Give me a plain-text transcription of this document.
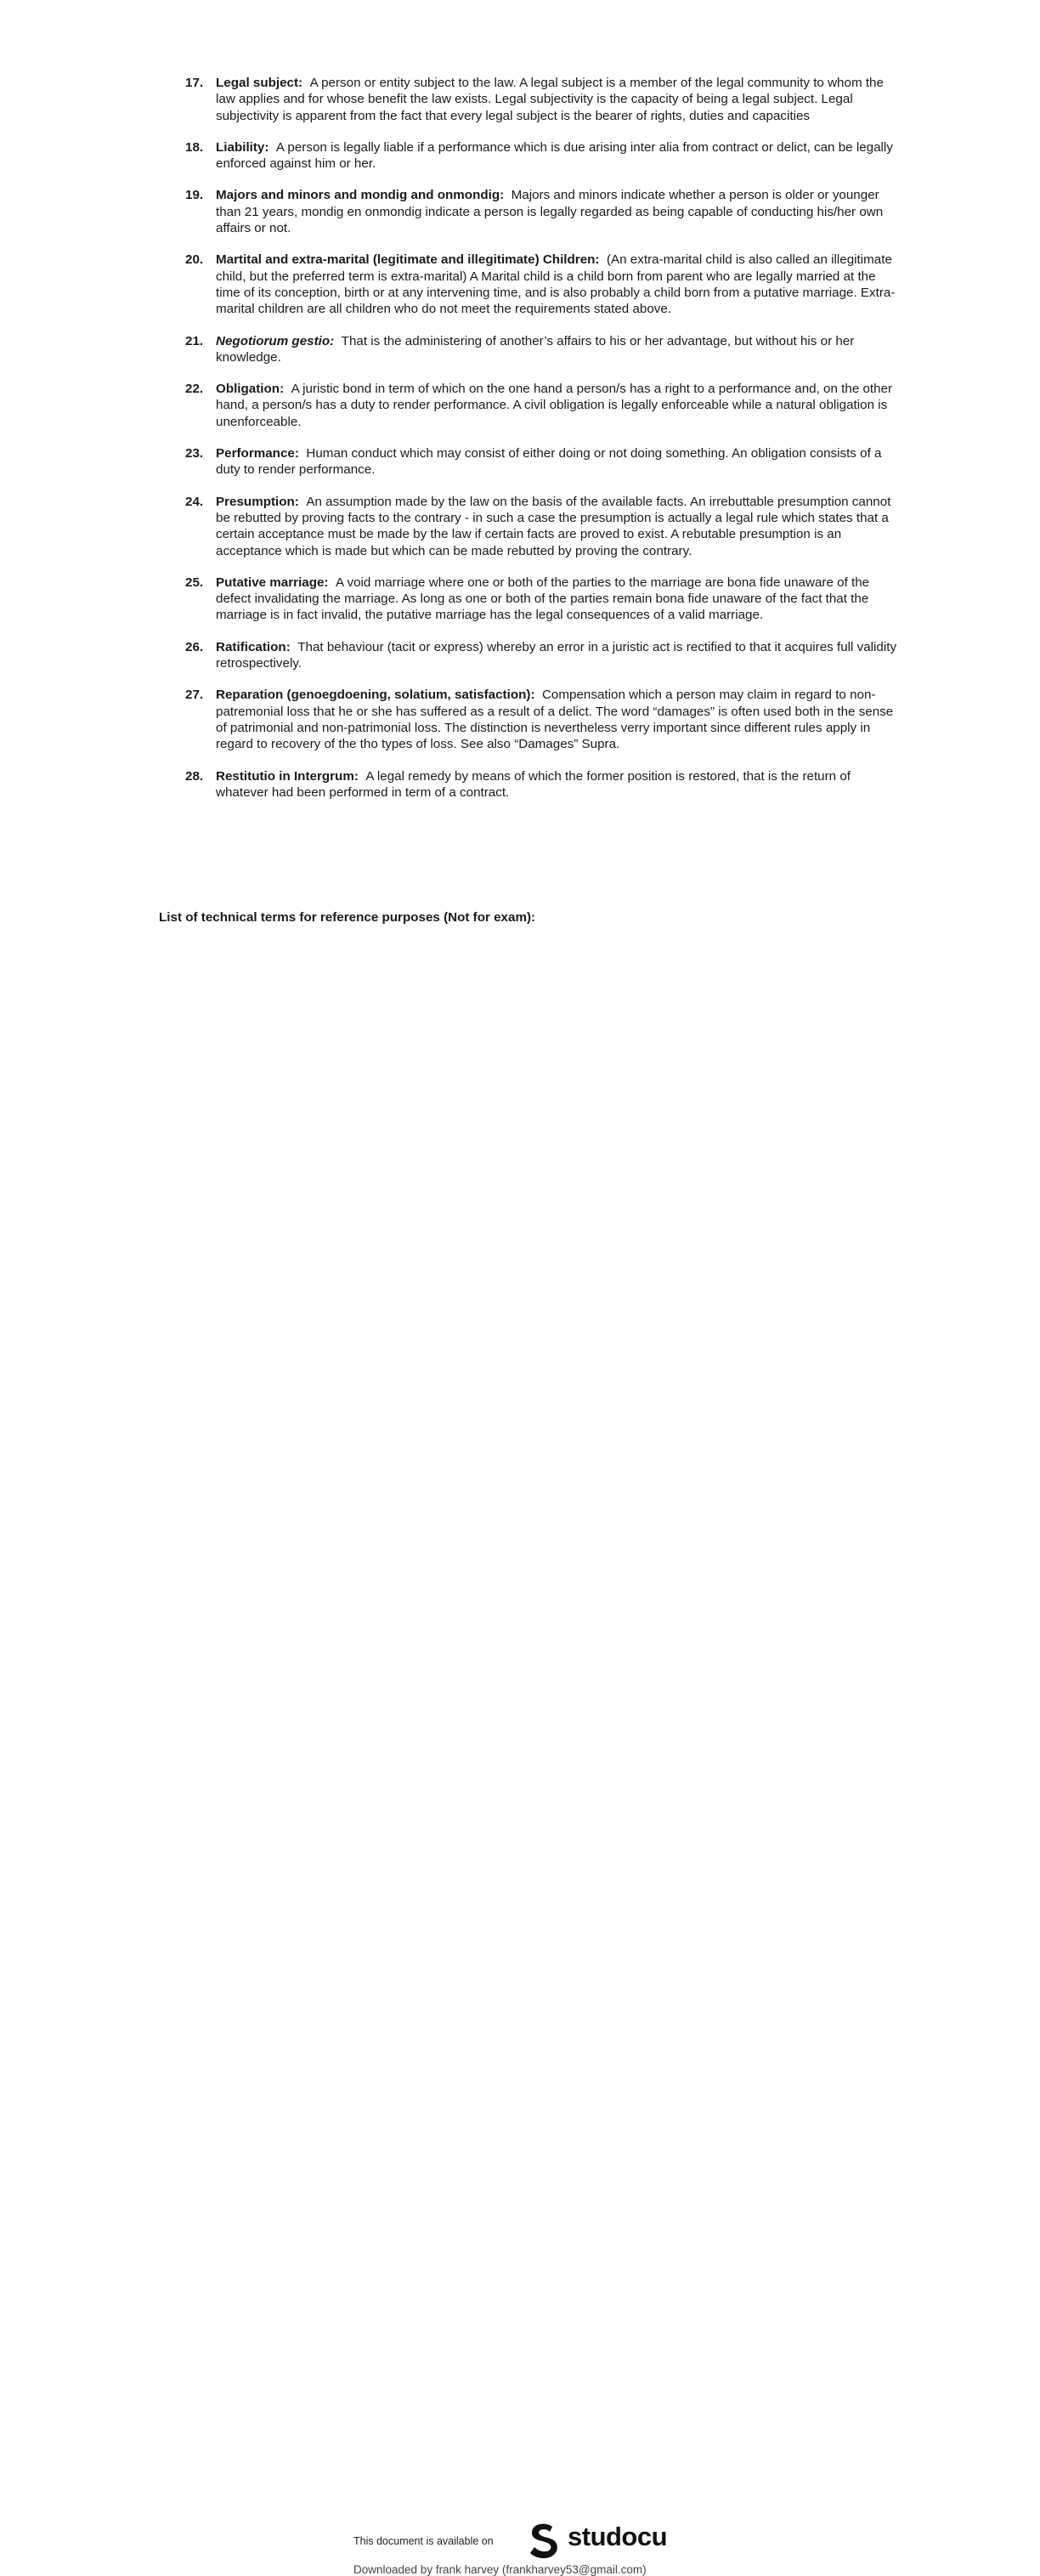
17. Legal subject: A person or entity subject to the law. A legal subject is a member of the legal community to whom the law applies and for whose benefit the law exists. Legal subjectivity is the capacity of being a legal subject. Legal subjectivity is apparent from the fact that every legal subject is the bearer of rights, duties and capacities
18. Liability: A person is legally liable if a performance which is due arising inter alia from contract or delict, can be legally enforced against him or her.
19. Majors and minors and mondig and onmondig: Majors and minors indicate whether a person is older or younger than 21 years, mondig en onmondig indicate a person is legally regarded as being capable of conducting his/her own affairs or not.
20. Martital and extra-marital (legitimate and illegitimate) Children: (An extra-marital child is also called an illegitimate child, but the preferred term is extra-marital) A Marital child is a child born from parent who are legally married at the time of its conception, birth or at any intervening time, and is also probably a child born from a putative marriage. Extra-marital children are all children who do not meet the requirements stated above.
21. Negotiorum gestio: That is the administering of another’s affairs to his or her advantage, but without his or her knowledge.
22. Obligation: A juristic bond in term of which on the one hand a person/s has a right to a performance and, on the other hand, a person/s has a duty to render performance. A civil obligation is legally enforceable while a natural obligation is unenforceable.
23. Performance: Human conduct which may consist of either doing or not doing something. An obligation consists of a duty to render performance.
24. Presumption: An assumption made by the law on the basis of the available facts. An irrebuttable presumption cannot be rebutted by proving facts to the contrary - in such a case the presumption is actually a legal rule which states that a certain acceptance must be made by the law if certain facts are proved to exist. A rebutable presumption is an acceptance which is made but which can be made rebutted by proving the contrary.
25. Putative marriage: A void marriage where one or both of the parties to the marriage are bona fide unaware of the defect invalidating the marriage. As long as one or both of the parties remain bona fide unaware of the fact that the marriage is in fact invalid, the putative marriage has the legal consequences of a valid marriage.
26. Ratification: That behaviour (tacit or express) whereby an error in a juristic act is rectified to that it acquires full validity retrospectively.
27. Reparation (genoegdoening, solatium, satisfaction): Compensation which a person may claim in regard to non-patremonial loss that he or she has suffered as a result of a delict. The word “damages” is often used both in the sense of patrimonial and non-patrimonial loss. The distinction is nevertheless verry important since different rules apply in regard to recovery of the tho types of loss. See also “Damages” Supra.
28. Restitutio in Intergrum: A legal remedy by means of which the former position is restored, that is the return of whatever had been performed in term of a contract.

List of technical terms for reference purposes (Not for exam):

This document is available on	studocu
Downloaded by frank harvey (frankharvey53@gmail.com)
